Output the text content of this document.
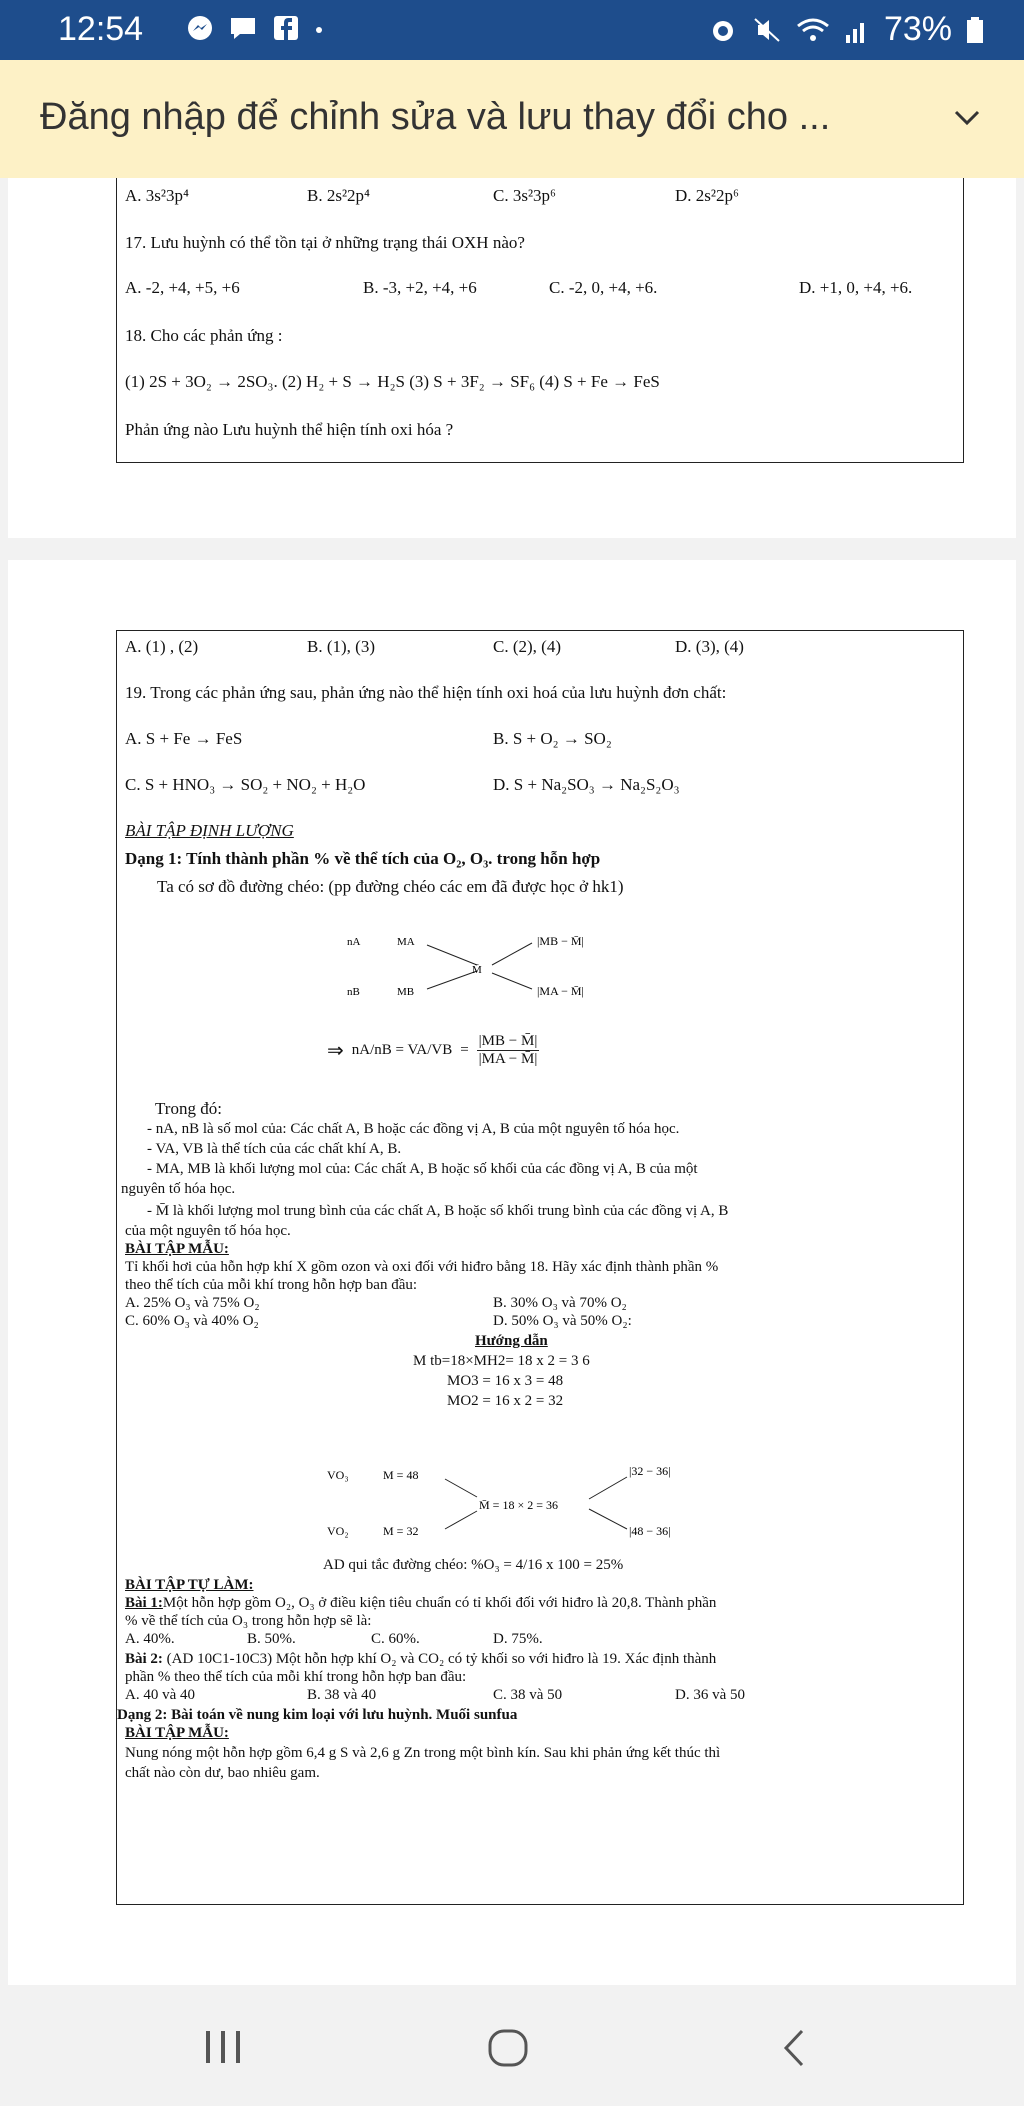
12:54	73%
Đăng nhập để chỉnh sửa và lưu thay đổi cho ...
A. 3s²3p⁴	B. 2s²2p⁴	C. 3s²3p⁶	D. 2s²2p⁶
17. Lưu huỳnh có thể tồn tại ở những trạng thái OXH nào?
A. -2, +4, +5, +6	B. -3, +2, +4, +6	C. -2, 0, +4, +6.	D. +1, 0, +4, +6.
18. Cho các phản ứng :
(1) 2S + 3O₂ → 2SO₃. (2) H₂ + S → H₂S (3) S + 3F₂ → SF₆ (4) S + Fe → FeS
Phản ứng nào Lưu huỳnh thể hiện tính oxi hóa ?
A. (1) , (2)	B. (1), (3)	C. (2), (4)	D. (3), (4)
19. Trong các phản ứng sau, phản ứng nào thể hiện tính oxi hoá của lưu huỳnh đơn chất:
A. S + Fe → FeS	B. S + O₂ → SO₂
C. S + HNO₃ → SO₂ + NO₂ + H₂O	D. S + Na₂SO₃ → Na₂S₂O₃
BÀI TẬP ĐỊNH LƯỢNG
Dạng 1: Tính thành phần % về thể tích của O₂, O₃. trong hỗn hợp
Ta có sơ đồ đường chéo: (pp đường chéo các em đã được học ở hk1)
nA	MA
nB	MB
M̄
|MB − M̄|
|MA − M̄|
⇒ $nA/nB = VA/VB = \frac{|MB - M̄|}{|MA - M̄|}$
Trong đó:
- nA, nB là số mol của: Các chất A, B hoặc các đồng vị A, B của một nguyên tố hóa học.
- VA, VB là thể tích của các chất khí A, B.
- MA, MB là khối lượng mol của: Các chất A, B hoặc số khối của các đồng vị A, B của một
nguyên tố hóa học.
- M̄ là khối lượng mol trung bình của các chất A, B hoặc số khối trung bình của các đồng vị A, B
của một nguyên tố hóa học.
BÀI TẬP MẪU:
Tỉ khối hơi của hỗn hợp khí X gồm ozon và oxi đối với hiđro bằng 18. Hãy xác định thành phần %
theo thể tích của mỗi khí trong hỗn hợp ban đầu:
A. 25% O₃ và 75% O₂	B. 30% O₃ và 70% O₂
C. 60% O₃ và 40% O₂	D. 50% O₃ và 50% O₂:
Hướng dẫn
M tb=18×MH2= 18 x 2 = 3 6
MO3 = 16 x 3 = 48
MO2 = 16 x 2 = 32
VO₃	M = 48
VO₂	M = 32
M̄ = 18 × 2 = 36
|32 − 36|
|48 − 36|
AD qui tắc đường chéo: %O₃ = 4/16 x 100 = 25%
BÀI TẬP TỰ LÀM:
Bài 1:Một hỗn hợp gồm O₂, O₃ ở điều kiện tiêu chuẩn có tỉ khối đối với hiđro là 20,8. Thành phần
% về thể tích của O₃ trong hỗn hợp sẽ là:
A. 40%.	B. 50%.	C. 60%.	D. 75%.
Bài 2: (AD 10C1-10C3) Một hỗn hợp khí O₂ và CO₂ có tỷ khối so với hiđro là 19. Xác định thành
phần % theo thể tích của mỗi khí trong hỗn hợp ban đầu:
A. 40 và 40	B. 38 và 40	C. 38 và 50	D. 36 và 50
Dạng 2: Bài toán về nung kim loại với lưu huỳnh. Muối sunfua
BÀI TẬP MẪU:
Nung nóng một hỗn hợp gồm 6,4 g S và 2,6 g Zn trong một bình kín. Sau khi phản ứng kết thúc thì
chất nào còn dư, bao nhiêu gam.
